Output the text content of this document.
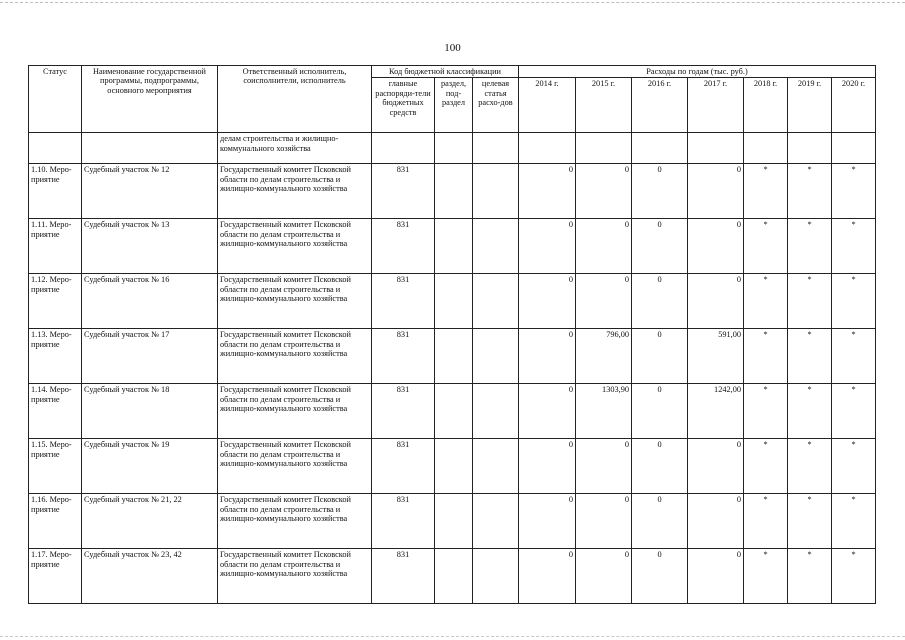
100
Статус	Наименование государственной программы, подпрограммы, основного мероприятия	Ответственный исполнитель, соисполнители, исполнитель	Код бюджетной классификации			Расходы по годам (тыс. руб.)						
			главные распоряди-тели бюджетных средств	раздел, под-раздел	целевая статья расхо-дов	2014 г.	2015 г.	2016 г.	2017 г.	2018 г.	2019 г.	2020 г.
		делам строительства и жилищно-коммунального хозяйства										
1.10. Меро-приятие	Судебный участок № 12	Государственный комитет Псковской области по делам строительства и жилищно-коммунального хозяйства	831			0	0	0	0	*	*	*
1.11. Меро-приятие	Судебный участок № 13	Государственный комитет Псковской области по делам строительства и жилищно-коммунального хозяйства	831			0	0	0	0	*	*	*
1.12. Меро-приятие	Судебный участок № 16	Государственный комитет Псковской области по делам строительства и жилищно-коммунального хозяйства	831			0	0	0	0	*	*	*
1.13. Меро-приятие	Судебный участок № 17	Государственный комитет Псковской области по делам строительства и жилищно-коммунального хозяйства	831			0	796,00	0	591,00	*	*	*
1.14. Меро-приятие	Судебный участок № 18	Государственный комитет Псковской области по делам строительства и жилищно-коммунального хозяйства	831			0	1303,90	0	1242,00	*	*	*
1.15. Меро-приятие	Судебный участок № 19	Государственный комитет Псковской области по делам строительства и жилищно-коммунального хозяйства	831			0	0	0	0	*	*	*
1.16. Меро-приятие	Судебный участок № 21, 22	Государственный комитет Псковской области по делам строительства и жилищно-коммунального хозяйства	831			0	0	0	0	*	*	*
1.17. Меро-приятие	Судебный участок № 23, 42	Государственный комитет Псковской области по делам строительства и жилищно-коммунального хозяйства	831			0	0	0	0	*	*	*
